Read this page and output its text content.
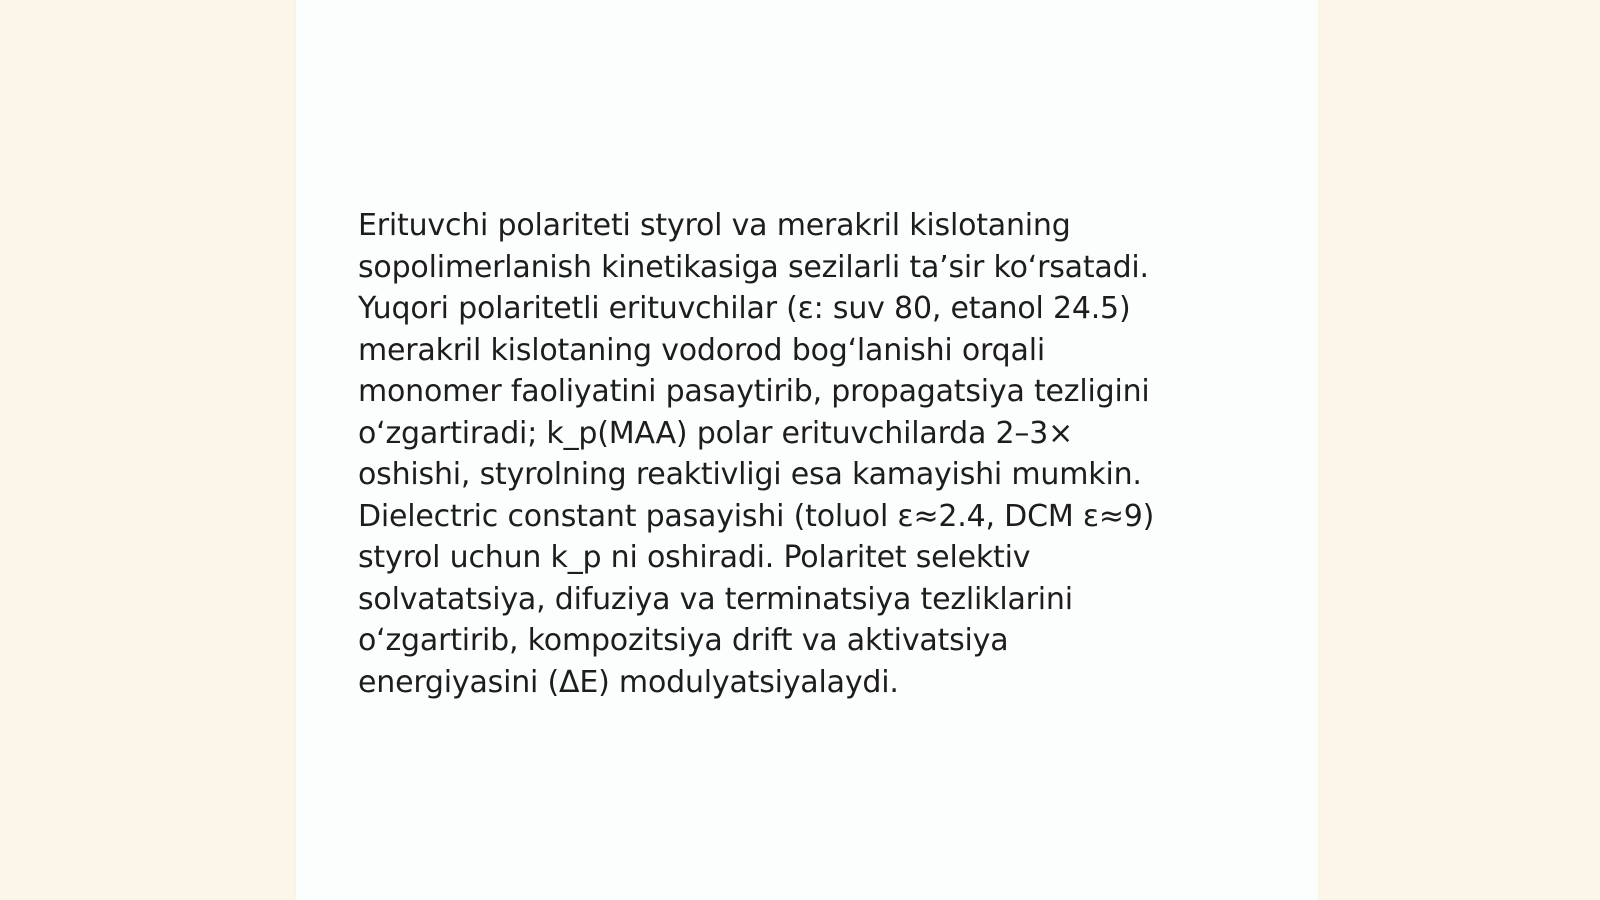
Erituvchi polariteti styrol va merakril kislotaning
sopolimerlanish kinetikasiga sezilarli ta’sir ko‘rsatadi.
Yuqori polaritetli erituvchilar (ε: suv 80, etanol 24.5)
merakril kislotaning vodorod bog‘lanishi orqali
monomer faoliyatini pasaytirib, propagatsiya tezligini
o‘zgartiradi; k_p(MAA) polar erituvchilarda 2–3×
oshishi, styrolning reaktivligi esa kamayishi mumkin.
Dielectric constant pasayishi (toluol ε≈2.4, DCM ε≈9)
styrol uchun k_p ni oshiradi. Polaritet selektiv
solvatatsiya, difuziya va terminatsiya tezliklarini
o‘zgartirib, kompozitsiya drift va aktivatsiya
energiyasini (ΔE) modulyatsiyalaydi.
